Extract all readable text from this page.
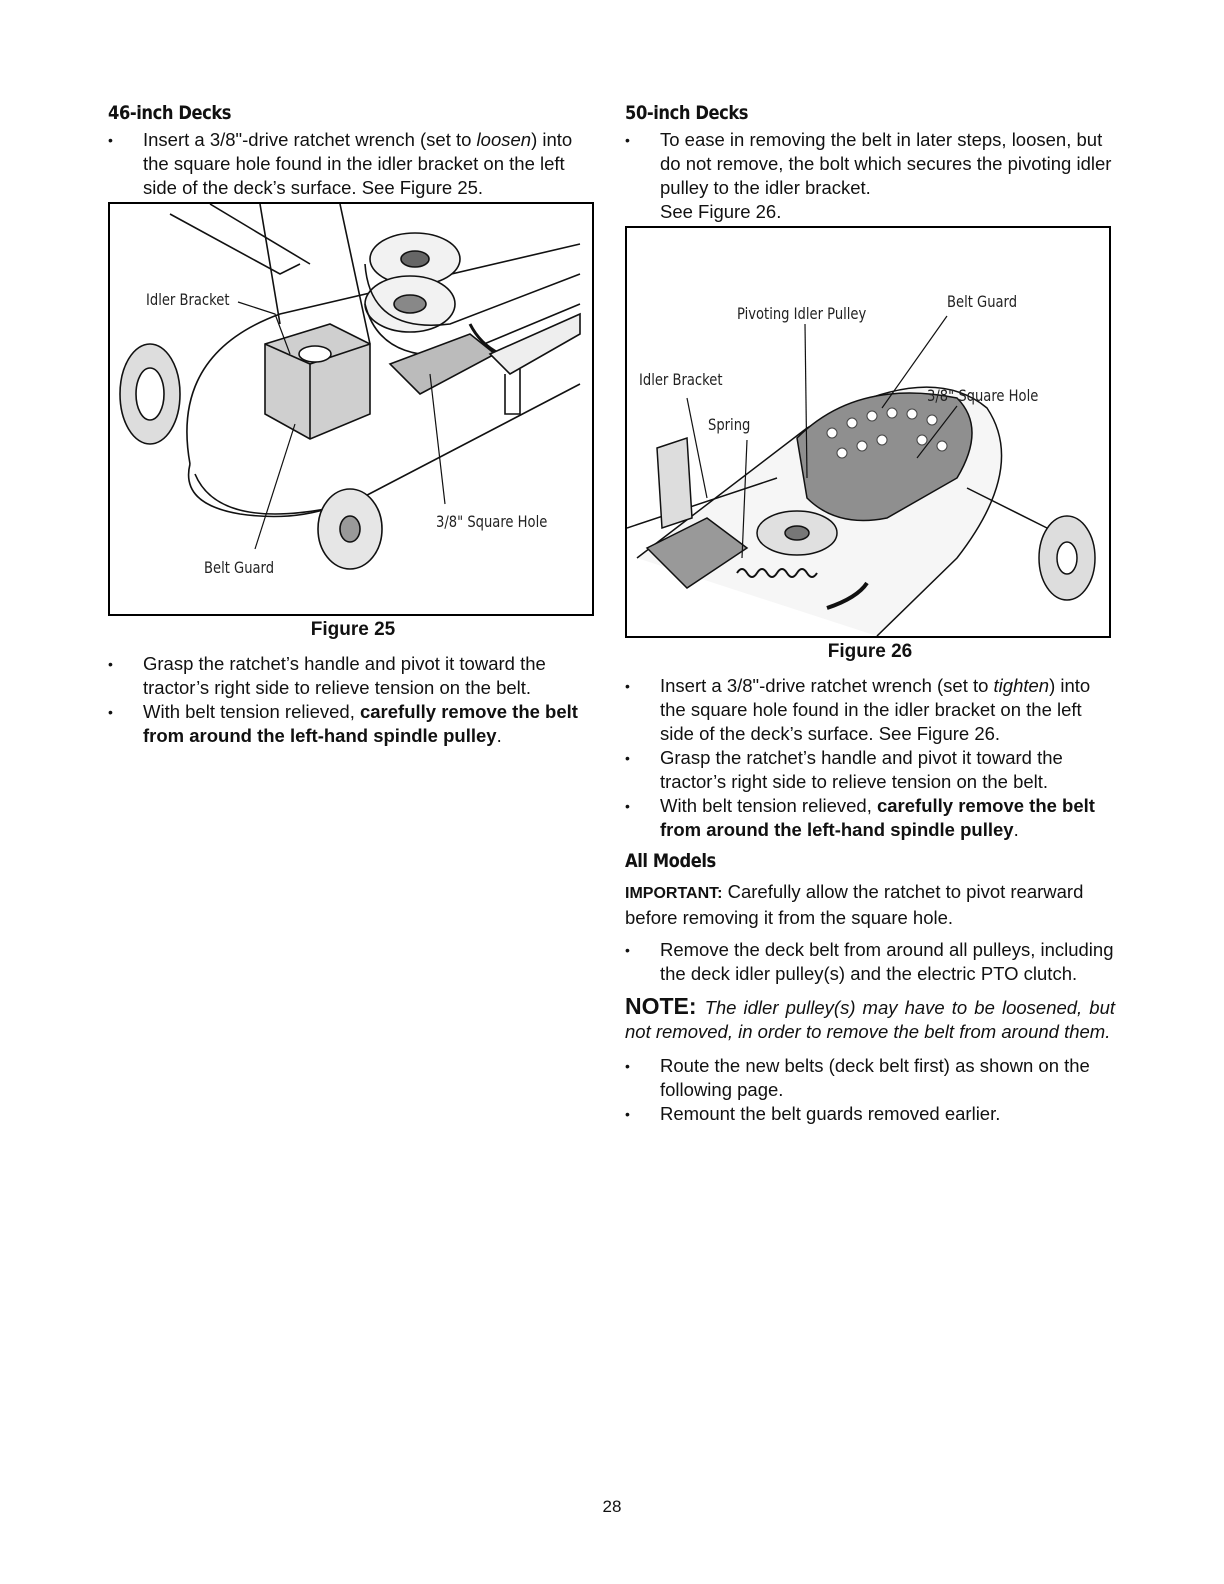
46-inch Decks
• Insert a 3/8"-drive ratchet wrench (set to loosen) into the square hole found in the idler bracket on the left side of the deck’s surface. See Figure 25.
Idler Bracket
3/8" Square Hole
Belt Guard
Figure 25
• Grasp the ratchet’s handle and pivot it toward the tractor’s right side to relieve tension on the belt.
• With belt tension relieved, carefully remove the belt from around the left-hand spindle pulley.
50-inch Decks
• To ease in removing the belt in later steps, loosen, but do not remove, the bolt which secures the pivoting idler pulley to the idler bracket.
See Figure 26.
Pivoting Idler Pulley
Belt Guard
Idler Bracket
3/8" Square Hole
Spring
Figure 26
• Insert a 3/8"-drive ratchet wrench (set to tighten) into the square hole found in the idler bracket on the left side of the deck’s surface. See Figure 26.
• Grasp the ratchet’s handle and pivot it toward the tractor’s right side to relieve tension on the belt.
• With belt tension relieved, carefully remove the belt from around the left-hand spindle pulley.
All Models

IMPORTANT: Carefully allow the ratchet to pivot rearward before removing it from the square hole.

• Remove the deck belt from around all pulleys, including the deck idler pulley(s) and the electric PTO clutch.

NOTE: The idler pulley(s) may have to be loosened, but not removed, in order to remove the belt from around them.

• Route the new belts (deck belt first) as shown on the following page.
• Remount the belt guards removed earlier.
28
